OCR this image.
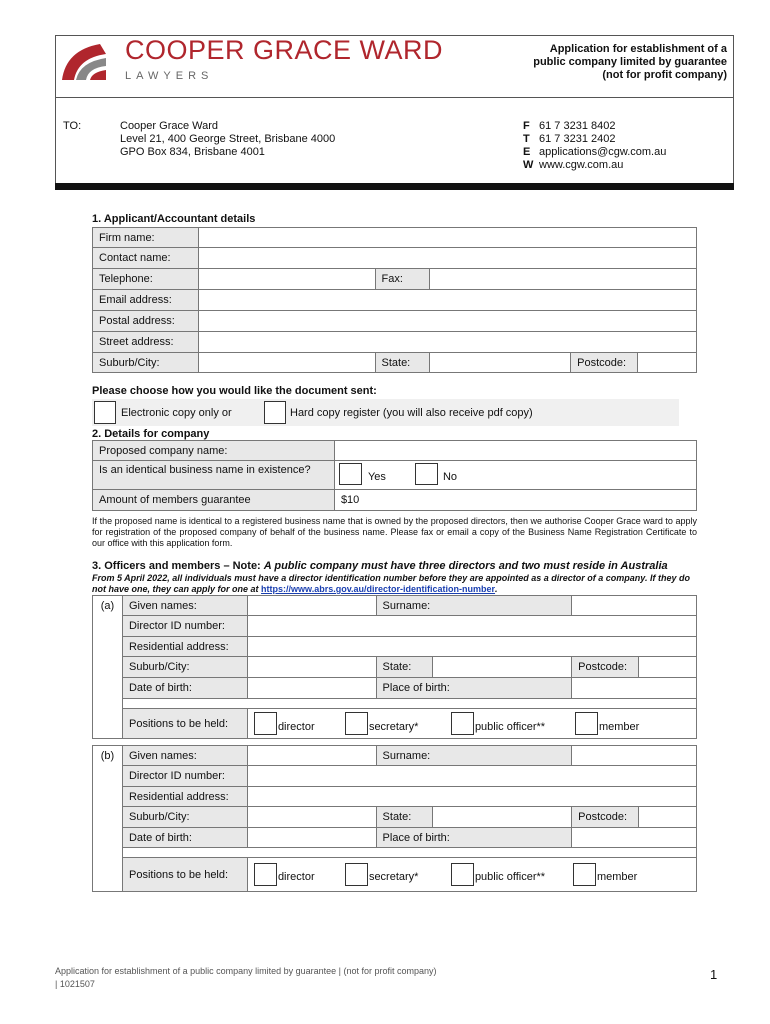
COOPER GRACE WARD
LAWYERS
Application for establishment of a
public company limited by guarantee
(not for profit company)
TO:	Cooper Grace Ward
Level 21, 400 George Street, Brisbane 4000
GPO Box 834, Brisbane 4001
F 61 7 3231 8402
T 61 7 3231 2402
E applications@cgw.com.au
W www.cgw.com.au
1. Applicant/Accountant details
Firm name:					
Contact name:					
Telephone:		Fax:			
Email address:					
Postal address:					
Street address:					
Suburb/City:		State:		Postcode:	
Please choose how you would like the document sent:
Electronic copy only or	Hard copy register (you will also receive pdf copy)
2. Details for company
Proposed company name:	
Is an identical business name in existence?	Yes No

Amount of members guarantee	$10
If the proposed name is identical to a registered business name that is owned by the proposed directors, then we authorise Cooper Grace ward to apply for registration of the proposed company of behalf of the business name. Please fax or email a copy of the Business Name Registration Certificate to our office with this application form.
3. Officers and members – Note: A public company must have three directors and two must reside in Australia
From 5 April 2022, all individuals must have a director identification number before they are appointed as a director of a company. If they do not have one, they can apply for one at https://www.abrs.gov.au/director-identification-number.
(a)	Given names:		Surname:			
	Director ID number:					
	Residential address:					
	Suburb/City:		State:		Postcode:	
	Date of birth:		Place of birth:			

	Positions to be held:	director secretary* public officer** member				
(b)	Given names:		Surname:			
	Director ID number:					
	Residential address:					
	Suburb/City:		State:		Postcode:	
	Date of birth:		Place of birth:			

	Positions to be held:	director secretary* public officer** member				
Application for establishment of a public company limited by guarantee | (not for profit company)
| 1021507
1
